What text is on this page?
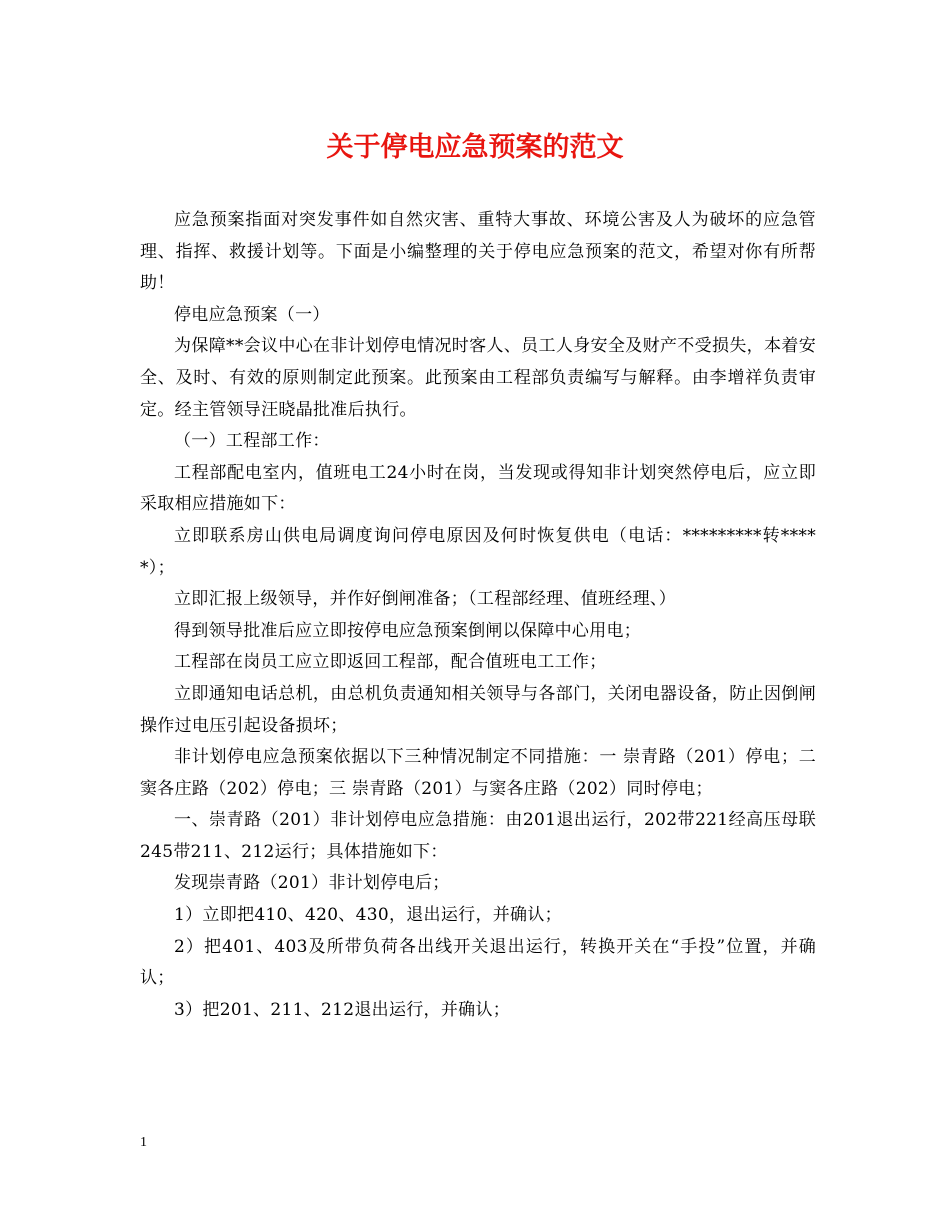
关于停电应急预案的范文

应急预案指面对突发事件如自然灾害、重特大事故、环境公害及人为破坏的应急管理、指挥、救援计划等。下面是小编整理的关于停电应急预案的范文，希望对你有所帮助！

停电应急预案（一）

为保障**会议中心在非计划停电情况时客人、员工人身安全及财产不受损失，本着安全、及时、有效的原则制定此预案。此预案由工程部负责编写与解释。由李增祥负责审定。经主管领导汪晓晶批准后执行。

（一）工程部工作：

工程部配电室内，值班电工24小时在岗，当发现或得知非计划突然停电后，应立即采取相应措施如下：

立即联系房山供电局调度询问停电原因及何时恢复供电（电话：*********转*****）；

立即汇报上级领导，并作好倒闸准备；（工程部经理、值班经理、）

得到领导批准后应立即按停电应急预案倒闸以保障中心用电；

工程部在岗员工应立即返回工程部，配合值班电工工作；

立即通知电话总机，由总机负责通知相关领导与各部门，关闭电器设备，防止因倒闸操作过电压引起设备损坏；

非计划停电应急预案依据以下三种情况制定不同措施：一 崇青路（201）停电；二 窦各庄路（202）停电；三 崇青路（201）与窦各庄路（202）同时停电；

一、崇青路（201）非计划停电应急措施：由201退出运行，202带221经高压母联245带211、212运行；具体措施如下：

发现崇青路（201）非计划停电后；

1）立即把410、420、430，退出运行，并确认；

2）把401、403及所带负荷各出线开关退出运行，转换开关在“手投”位置，并确认；

3）把201、211、212退出运行，并确认；

1
